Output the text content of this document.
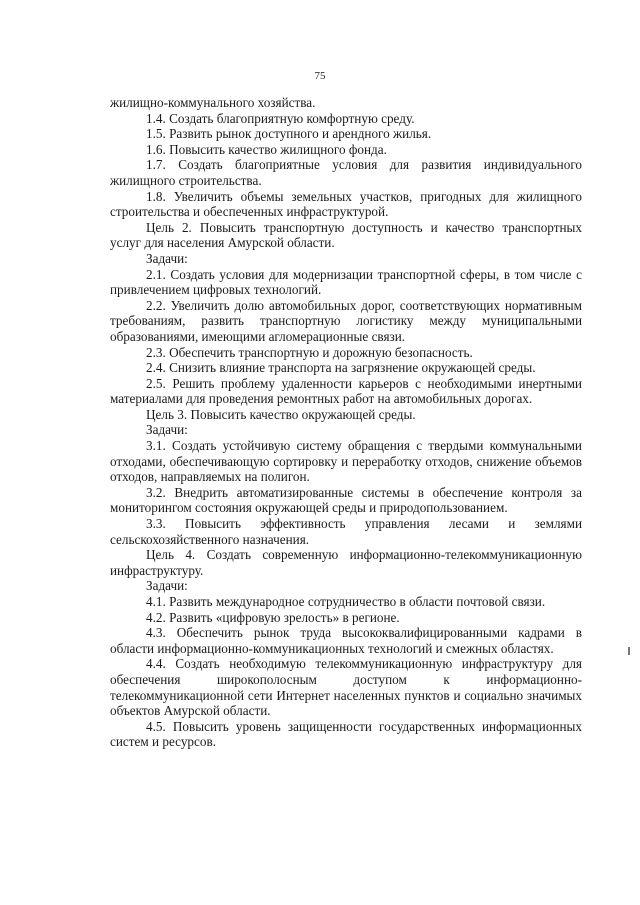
75

жилищно-коммунального хозяйства.

1.4. Создать благоприятную комфортную среду.

1.5. Развить рынок доступного и арендного жилья.

1.6. Повысить качество жилищного фонда.

1.7. Создать благоприятные условия для развития индивидуального жилищного строительства.

1.8. Увеличить объемы земельных участков, пригодных для жилищного строительства и обеспеченных инфраструктурой.

Цель 2. Повысить транспортную доступность и качество транспортных услуг для населения Амурской области.

Задачи:

2.1. Создать условия для модернизации транспортной сферы, в том числе с привлечением цифровых технологий.

2.2. Увеличить долю автомобильных дорог, соответствующих нормативным требованиям, развить транспортную логистику между муниципальными образованиями, имеющими агломерационные связи.

2.3. Обеспечить транспортную и дорожную безопасность.

2.4. Снизить влияние транспорта на загрязнение окружающей среды.

2.5. Решить проблему удаленности карьеров с необходимыми инертными материалами для проведения ремонтных работ на автомобильных дорогах.

Цель 3. Повысить качество окружающей среды.

Задачи:

3.1. Создать устойчивую систему обращения с твердыми коммунальными отходами, обеспечивающую сортировку и переработку отходов, снижение объемов отходов, направляемых на полигон.

3.2. Внедрить автоматизированные системы в обеспечение контроля за мониторингом состояния окружающей среды и природопользованием.

3.3. Повысить эффективность управления лесами и землями сельскохозяйственного назначения.

Цель 4. Создать современную информационно-телекоммуникационную инфраструктуру.

Задачи:

4.1. Развить международное сотрудничество в области почтовой связи.

4.2. Развить «цифровую зрелость» в регионе.

4.3. Обеспечить рынок труда высококвалифицированными кадрами в области информационно-коммуникационных технологий и смежных областях.

4.4. Создать необходимую телекоммуникационную инфраструктуру для обеспечения широкополосным доступом к информационно-телекоммуникационной сети Интернет населенных пунктов и социально значимых объектов Амурской области.

4.5. Повысить уровень защищенности государственных информационных систем и ресурсов.
